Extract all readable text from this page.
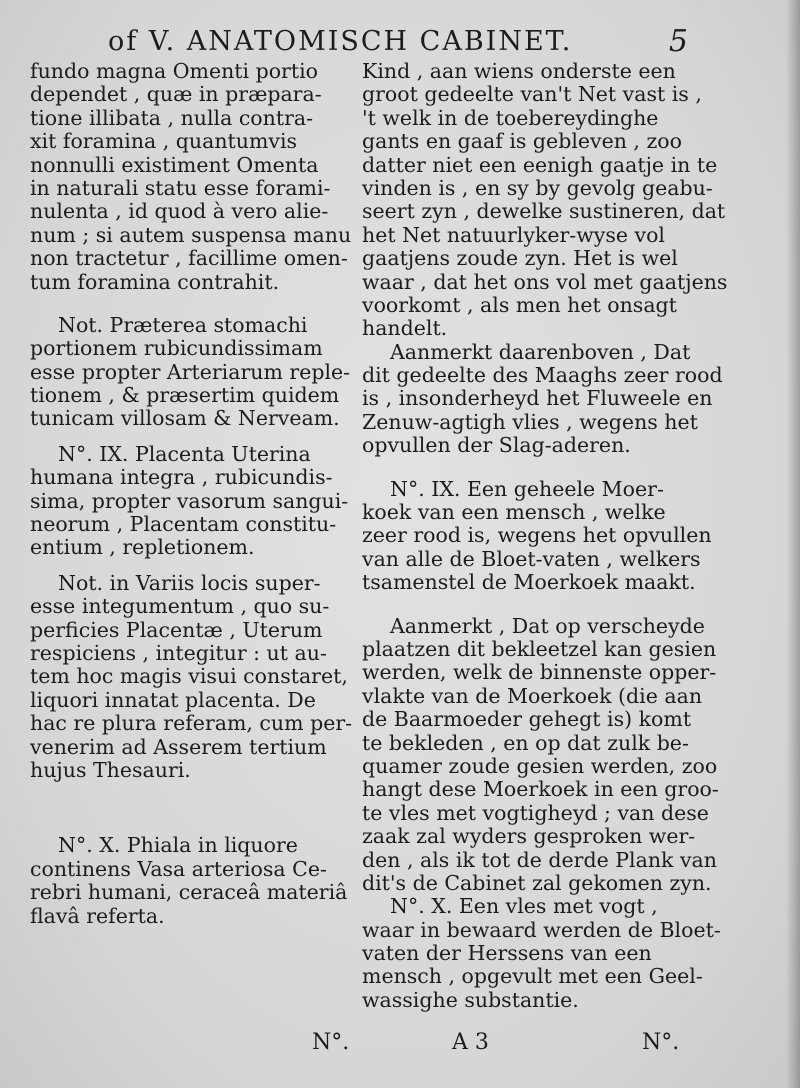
of V. ANATOMISCH CABINET.	5
fundo magna Omenti portio
dependet , quæ in præpara-
tione illibata , nulla contra-
xit foramina , quantumvis
nonnulli existiment Omenta
in naturali statu esse forami-
nulenta , id quod à vero alie-
num ; si autem suspensa manu
non tractetur , facillime omen-
tum foramina contrahit.
Not. Præterea stomachi
portionem rubicundissimam
esse propter Arteriarum reple-
tionem , & præsertim quidem
tunicam villosam & Nerveam.
N°. IX. Placenta Uterina
humana integra , rubicundis-
sima, propter vasorum sangui-
neorum , Placentam constitu-
entium , repletionem.
Not. in Variis locis super-
esse integumentum , quo su-
perficies Placentæ , Uterum
respiciens , integitur : ut au-
tem hoc magis visui constaret,
liquori innatat placenta. De
hac re plura referam, cum per-
venerim ad Asserem tertium
hujus Thesauri.
N°. X. Phiala in liquore
continens Vasa arteriosa Ce-
rebri humani, ceraceâ materiâ
flavâ referta.
Kind , aan wiens onderste een
groot gedeelte van't Net vast is ,
't welk in de toebereydinghe
gants en gaaf is gebleven , zoo
datter niet een eenigh gaatje in te
vinden is , en sy by gevolg geabu-
seert zyn , dewelke sustineren, dat
het Net natuurlyker-wyse vol
gaatjens zoude zyn. Het is wel
waar , dat het ons vol met gaatjens
voorkomt , als men het onsagt
handelt.
Aanmerkt daarenboven , Dat
dit gedeelte des Maaghs zeer rood
is , insonderheyd het Fluweele en
Zenuw-agtigh vlies , wegens het
opvullen der Slag-aderen.
N°. IX. Een geheele Moer-
koek van een mensch , welke
zeer rood is, wegens het opvullen
van alle de Bloet-vaten , welkers
tsamenstel de Moerkoek maakt.
Aanmerkt , Dat op verscheyde
plaatzen dit bekleetzel kan gesien
werden, welk de binnenste opper-
vlakte van de Moerkoek (die aan
de Baarmoeder gehegt is) komt
te bekleden , en op dat zulk be-
quamer zoude gesien werden, zoo
hangt dese Moerkoek in een groo-
te vles met vogtigheyd ; van dese
zaak zal wyders gesproken wer-
den , als ik tot de derde Plank van
dit's de Cabinet zal gekomen zyn.
N°. X. Een vles met vogt ,
waar in bewaard werden de Bloet-
vaten der Herssens van een
mensch , opgevult met een Geel-
wassighe substantie.
N°.	A 3	N°.
